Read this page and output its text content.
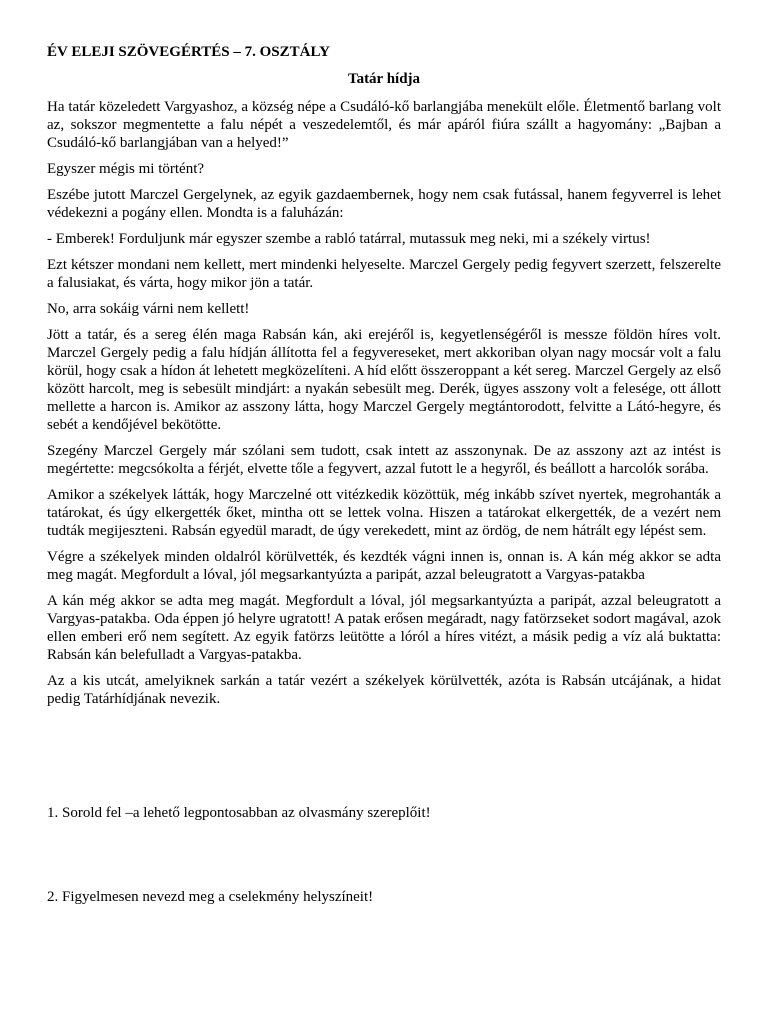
ÉV ELEJI SZÖVEGÉRTÉS – 7. OSZTÁLY

Tatár hídja

Ha tatár közeledett Vargyashoz, a község népe a Csudáló-kő barlangjába menekült előle. Életmentő barlang volt az, sokszor megmentette a falu népét a veszedelemtől, és már apáról fiúra szállt a hagyomány: „Bajban a Csudáló-kő barlangjában van a helyed!”

Egyszer mégis mi történt?

Eszébe jutott Marczel Gergelynek, az egyik gazdaembernek, hogy nem csak futással, hanem fegyverrel is lehet védekezni a pogány ellen. Mondta is a faluházán:

- Emberek! Forduljunk már egyszer szembe a rabló tatárral, mutassuk meg neki, mi a székely virtus!

Ezt kétszer mondani nem kellett, mert mindenki helyeselte. Marczel Gergely pedig fegyvert szerzett, felszerelte a falusiakat, és várta, hogy mikor jön a tatár.

No, arra sokáig várni nem kellett!

Jött a tatár, és a sereg élén maga Rabsán kán, aki erejéről is, kegyetlenségéről is messze földön híres volt. Marczel Gergely pedig a falu hídján állította fel a fegyvereseket, mert akkoriban olyan nagy mocsár volt a falu körül, hogy csak a hídon át lehetett megközelíteni. A híd előtt összeroppant a két sereg. Marczel Gergely az első között harcolt, meg is sebesült mindjárt: a nyakán sebesült meg. Derék, ügyes asszony volt a felesége, ott állott mellette a harcon is. Amikor az asszony látta, hogy Marczel Gergely megtántorodott, felvitte a Látó-hegyre, és sebét a kendőjével bekötötte.

Szegény Marczel Gergely már szólani sem tudott, csak intett az asszonynak. De az asszony azt az intést is megértette: megcsókolta a férjét, elvette tőle a fegyvert, azzal futott le a hegyről, és beállott a harcolók sorába.

Amikor a székelyek látták, hogy Marczelné ott vitézkedik közöttük, még inkább szívet nyertek, megrohanták a tatárokat, és úgy elkergették őket, mintha ott se lettek volna. Hiszen a tatárokat elkergették, de a vezért nem tudták megijeszteni. Rabsán egyedül maradt, de úgy verekedett, mint az ördög, de nem hátrált egy lépést sem.

Végre a székelyek minden oldalról körülvették, és kezdték vágni innen is, onnan is. A kán még akkor se adta meg magát. Megfordult a lóval, jól megsarkantyúzta a paripát, azzal beleugratott a Vargyas-patakba

A kán még akkor se adta meg magát. Megfordult a lóval, jól megsarkantyúzta a paripát, azzal beleugratott a Vargyas-patakba. Oda éppen jó helyre ugratott! A patak erősen megáradt, nagy fatörzseket sodort magával, azok ellen emberi erő nem segített. Az egyik fatörzs leütötte a lóról a híres vitézt, a másik pedig a víz alá buktatta: Rabsán kán belefulladt a Vargyas-patakba.

Az a kis utcát, amelyiknek sarkán a tatár vezért a székelyek körülvették, azóta is Rabsán utcájának, a hidat pedig Tatárhídjának nevezik.

1. Sorold fel –a lehető legpontosabban az olvasmány szereplőit!

2. Figyelmesen nevezd meg a cselekmény helyszíneit!
